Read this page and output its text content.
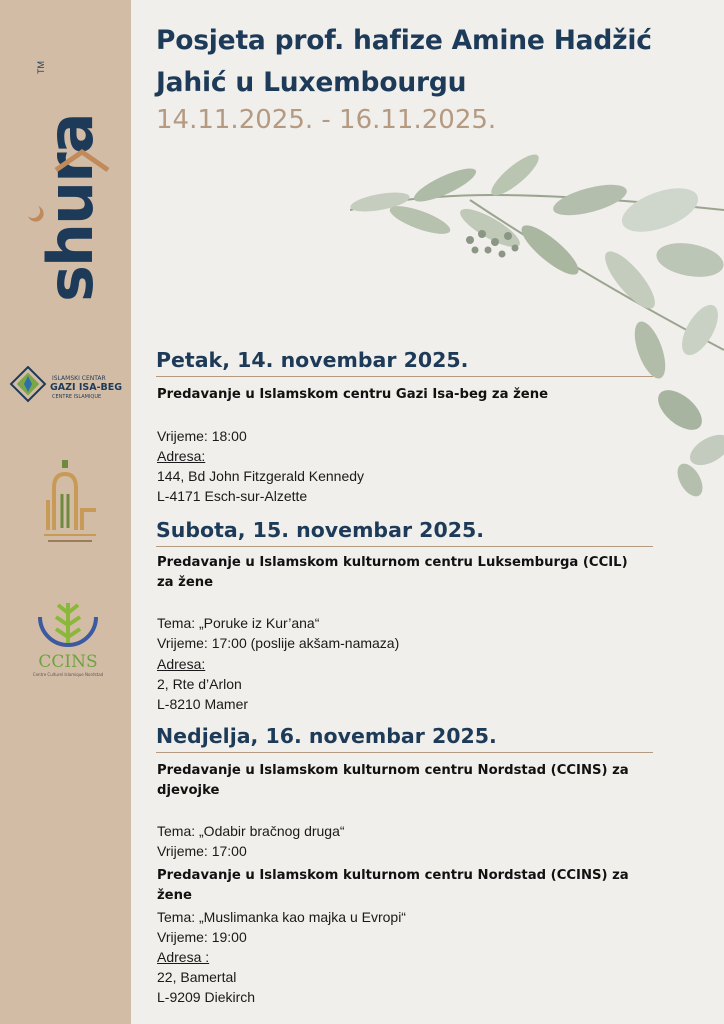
shura
TM
ISLAMSKI CENTAR
GAZI ISA-BEG
CENTRE ISLAMIQUE
CCINS
Centre Culturel Islamique Nordstad
Posjeta prof. hafize Amine Hadžić Jahić u Luxembourgu
14.11.2025. - 16.11.2025.
Petak, 14. novembar 2025.
Predavanje u Islamskom centru Gazi Isa-beg za žene
Vrijeme: 18:00
Adresa:
144, Bd John Fitzgerald Kennedy
L-4171 Esch-sur-Alzette
Subota, 15. novembar 2025.
Predavanje u Islamskom kulturnom centru Luksemburga (CCIL) za žene
Tema: „Poruke iz Kur’ana“
Vrijeme: 17:00 (poslije akšam-namaza)
Adresa:
2, Rte d’Arlon
L-8210 Mamer
Nedjelja, 16. novembar 2025.
Predavanje u Islamskom kulturnom centru Nordstad (CCINS) za djevojke
Tema: „Odabir bračnog druga“
Vrijeme: 17:00
Predavanje u Islamskom kulturnom centru Nordstad (CCINS) za žene
Tema: „Muslimanka kao majka u Evropi“
Vrijeme: 19:00
Adresa :
22, Bamertal
L-9209 Diekirch
